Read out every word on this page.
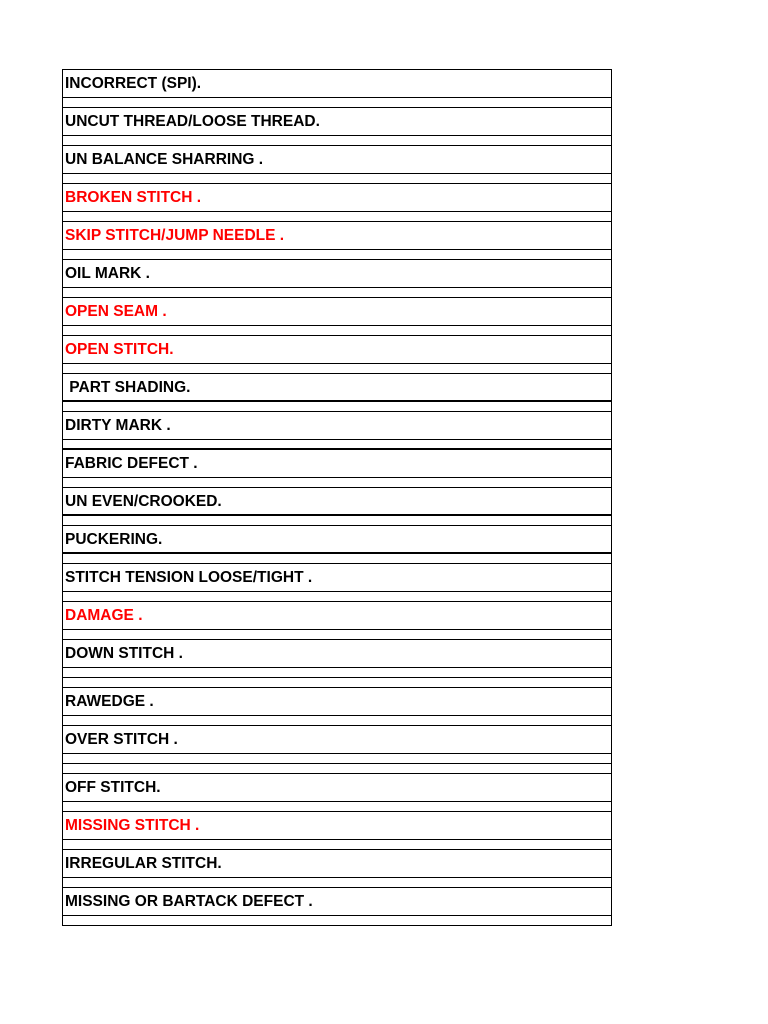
INCORRECT (SPI).
UNCUT THREAD/LOOSE THREAD.
UN BALANCE SHARRING .
BROKEN STITCH .
SKIP STITCH/JUMP NEEDLE .
OIL MARK .
OPEN SEAM .
OPEN STITCH.
PART SHADING.
DIRTY MARK .
FABRIC DEFECT .
UN EVEN/CROOKED.
PUCKERING.
STITCH TENSION LOOSE/TIGHT .
DAMAGE .
DOWN STITCH .
RAWEDGE .
OVER STITCH .
OFF STITCH.
MISSING STITCH .
IRREGULAR STITCH.
MISSING OR BARTACK DEFECT .
